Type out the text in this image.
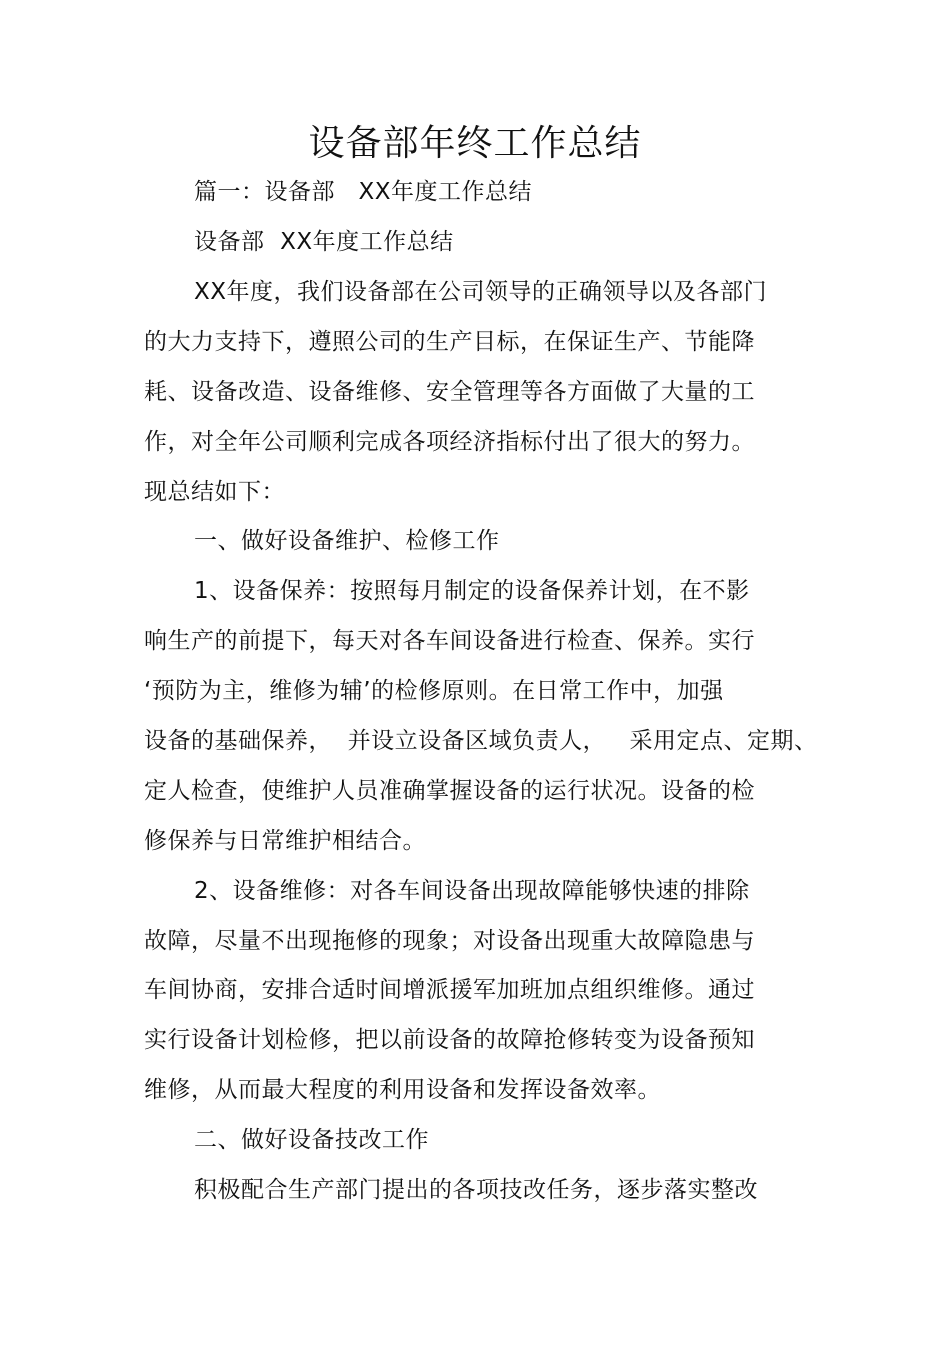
设备部年终工作总结
篇一：设备部　XX年度工作总结
设备部  XX年度工作总结
XX年度，我们设备部在公司领导的正确领导以及各部门
的大力支持下，遵照公司的生产目标，在保证生产、节能降
耗、设备改造、设备维修、安全管理等各方面做了大量的工
作，对全年公司顺利完成各项经济指标付出了很大的努力。
现总结如下：
一、做好设备维护、检修工作
1、设备保养：按照每月制定的设备保养计划，在不影
响生产的前提下，每天对各车间设备进行检查、保养。实行
‘预防为主，维修为辅’的检修原则。在日常工作中，加强
设备的基础保养，  并设立设备区域负责人，   采用定点、定期、
定人检查，使维护人员准确掌握设备的运行状况。设备的检
修保养与日常维护相结合。
2、设备维修：对各车间设备出现故障能够快速的排除
故障，尽量不出现拖修的现象；对设备出现重大故障隐患与
车间协商，安排合适时间增派援军加班加点组织维修。通过
实行设备计划检修，把以前设备的故障抢修转变为设备预知
维修，从而最大程度的利用设备和发挥设备效率。
二、做好设备技改工作
积极配合生产部门提出的各项技改任务，逐步落实整改
